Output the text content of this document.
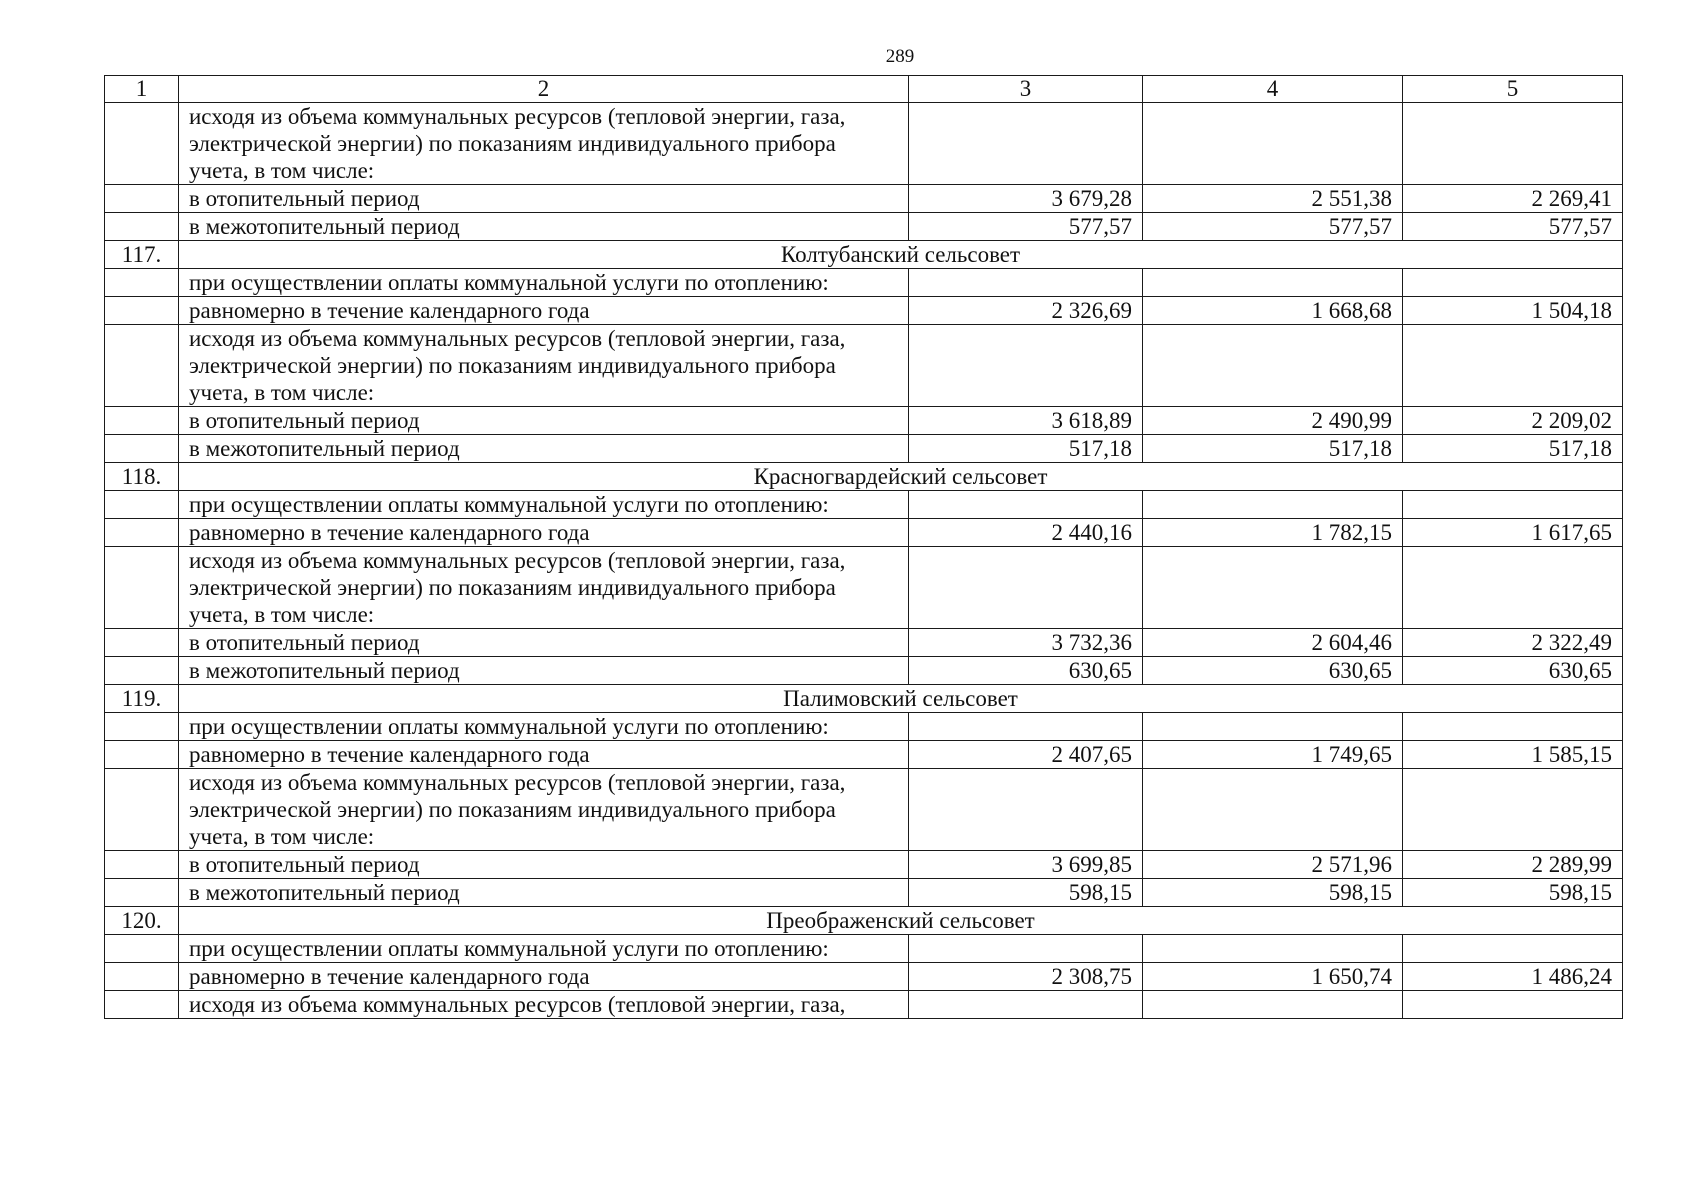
289
1	2	3	4	5
	исходя из объема коммунальных ресурсов (тепловой энергии, газа, электрической энергии) по показаниям индивидуального прибора учета, в том числе:			
	в отопительный период	3 679,28	2 551,38	2 269,41
	в межотопительный период	577,57	577,57	577,57
117.	Колтубанский сельсовет			
	при осуществлении оплаты коммунальной услуги по отоплению:			
	равномерно в течение календарного года	2 326,69	1 668,68	1 504,18
	исходя из объема коммунальных ресурсов (тепловой энергии, газа, электрической энергии) по показаниям индивидуального прибора учета, в том числе:			
	в отопительный период	3 618,89	2 490,99	2 209,02
	в межотопительный период	517,18	517,18	517,18
118.	Красногвардейский сельсовет			
	при осуществлении оплаты коммунальной услуги по отоплению:			
	равномерно в течение календарного года	2 440,16	1 782,15	1 617,65
	исходя из объема коммунальных ресурсов (тепловой энергии, газа, электрической энергии) по показаниям индивидуального прибора учета, в том числе:			
	в отопительный период	3 732,36	2 604,46	2 322,49
	в межотопительный период	630,65	630,65	630,65
119.	Палимовский сельсовет			
	при осуществлении оплаты коммунальной услуги по отоплению:			
	равномерно в течение календарного года	2 407,65	1 749,65	1 585,15
	исходя из объема коммунальных ресурсов (тепловой энергии, газа, электрической энергии) по показаниям индивидуального прибора учета, в том числе:			
	в отопительный период	3 699,85	2 571,96	2 289,99
	в межотопительный период	598,15	598,15	598,15
120.	Преображенский сельсовет			
	при осуществлении оплаты коммунальной услуги по отоплению:			
	равномерно в течение календарного года	2 308,75	1 650,74	1 486,24
	исходя из объема коммунальных ресурсов (тепловой энергии, газа,			
